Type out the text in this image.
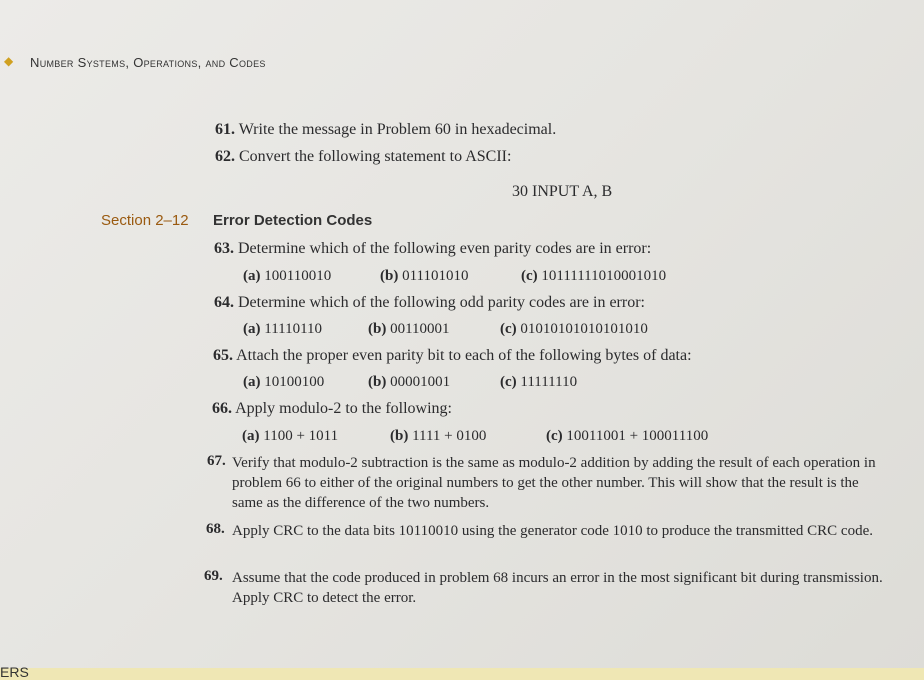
◆ Number Systems, Operations, and Codes
61. Write the message in Problem 60 in hexadecimal.
62. Convert the following statement to ASCII:
30 INPUT A, B
Section 2–12 Error Detection Codes
63. Determine which of the following even parity codes are in error:
(a) 100110010	(b) 011101010	(c) 10111111010001010
64. Determine which of the following odd parity codes are in error:
(a) 11110110	(b) 00110001	(c) 01010101010101010
65. Attach the proper even parity bit to each of the following bytes of data:
(a) 10100100	(b) 00001001	(c) 11111110
66. Apply modulo-2 to the following:
(a) 1100 + 1011	(b) 1111 + 0100	(c) 10011001 + 100011100
67. Verify that modulo-2 subtraction is the same as modulo-2 addition by adding the result of each operation in problem 66 to either of the original numbers to get the other number. This will show that the result is the same as the difference of the two numbers.
68. Apply CRC to the data bits 10110010 using the generator code 1010 to produce the transmitted CRC code.
69. Assume that the code produced in problem 68 incurs an error in the most significant bit during transmission. Apply CRC to detect the error.
ERS
